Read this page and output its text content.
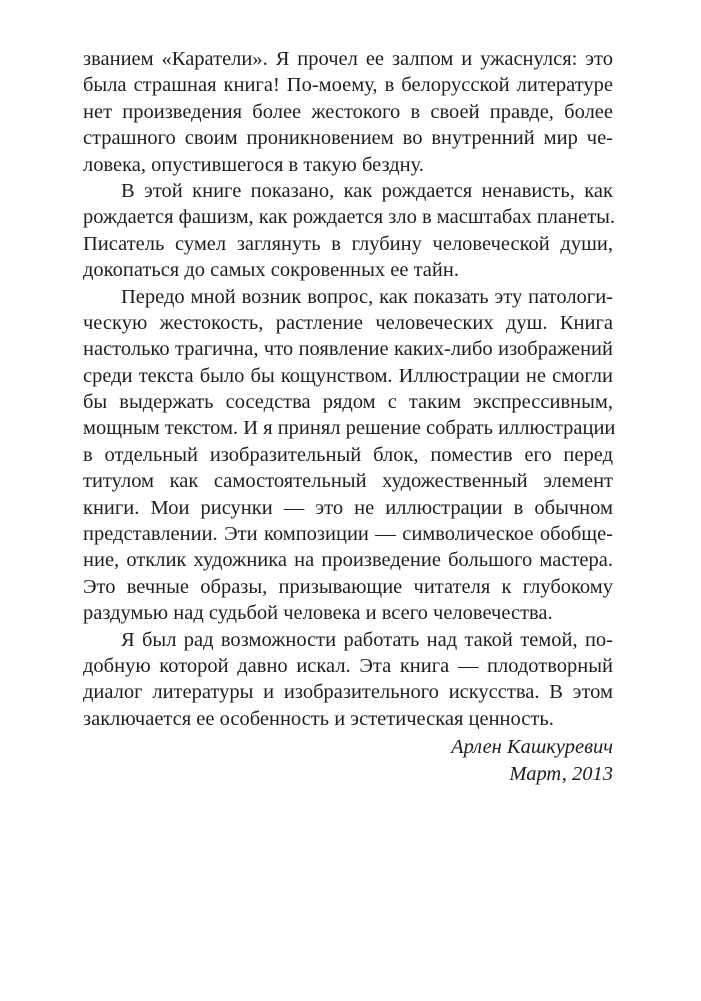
званием «Каратели». Я прочел ее залпом и ужаснулся: это
была страшная книга! По-моему, в белорусской литературе
нет произведения более жестокого в своей правде, более
страшного своим проникновением во внутренний мир че-
ловека, опустившегося в такую бездну.
В этой книге показано, как рождается ненависть, как
рождается фашизм, как рождается зло в масштабах планеты.
Писатель сумел заглянуть в глубину человеческой души,
докопаться до самых сокровенных ее тайн.
Передо мной возник вопрос, как показать эту патологи-
ческую жестокость, растление человеческих душ. Книга
настолько трагична, что появление каких-либо изображений
среди текста было бы кощунством. Иллюстрации не смогли
бы выдержать соседства рядом с таким экспрессивным,
мощным текстом. И я принял решение собрать иллюстрации
в отдельный изобразительный блок, поместив его перед
титулом как самостоятельный художественный элемент
книги. Мои рисунки — это не иллюстрации в обычном
представлении. Эти композиции — символическое обобще-
ние, отклик художника на произведение большого мастера.
Это вечные образы, призывающие читателя к глубокому
раздумью над судьбой человека и всего человечества.
Я был рад возможности работать над такой темой, по-
добную которой давно искал. Эта книга — плодотворный
диалог литературы и изобразительного искусства. В этом
заключается ее особенность и эстетическая ценность.
Арлен Кашкуревич
Март, 2013
